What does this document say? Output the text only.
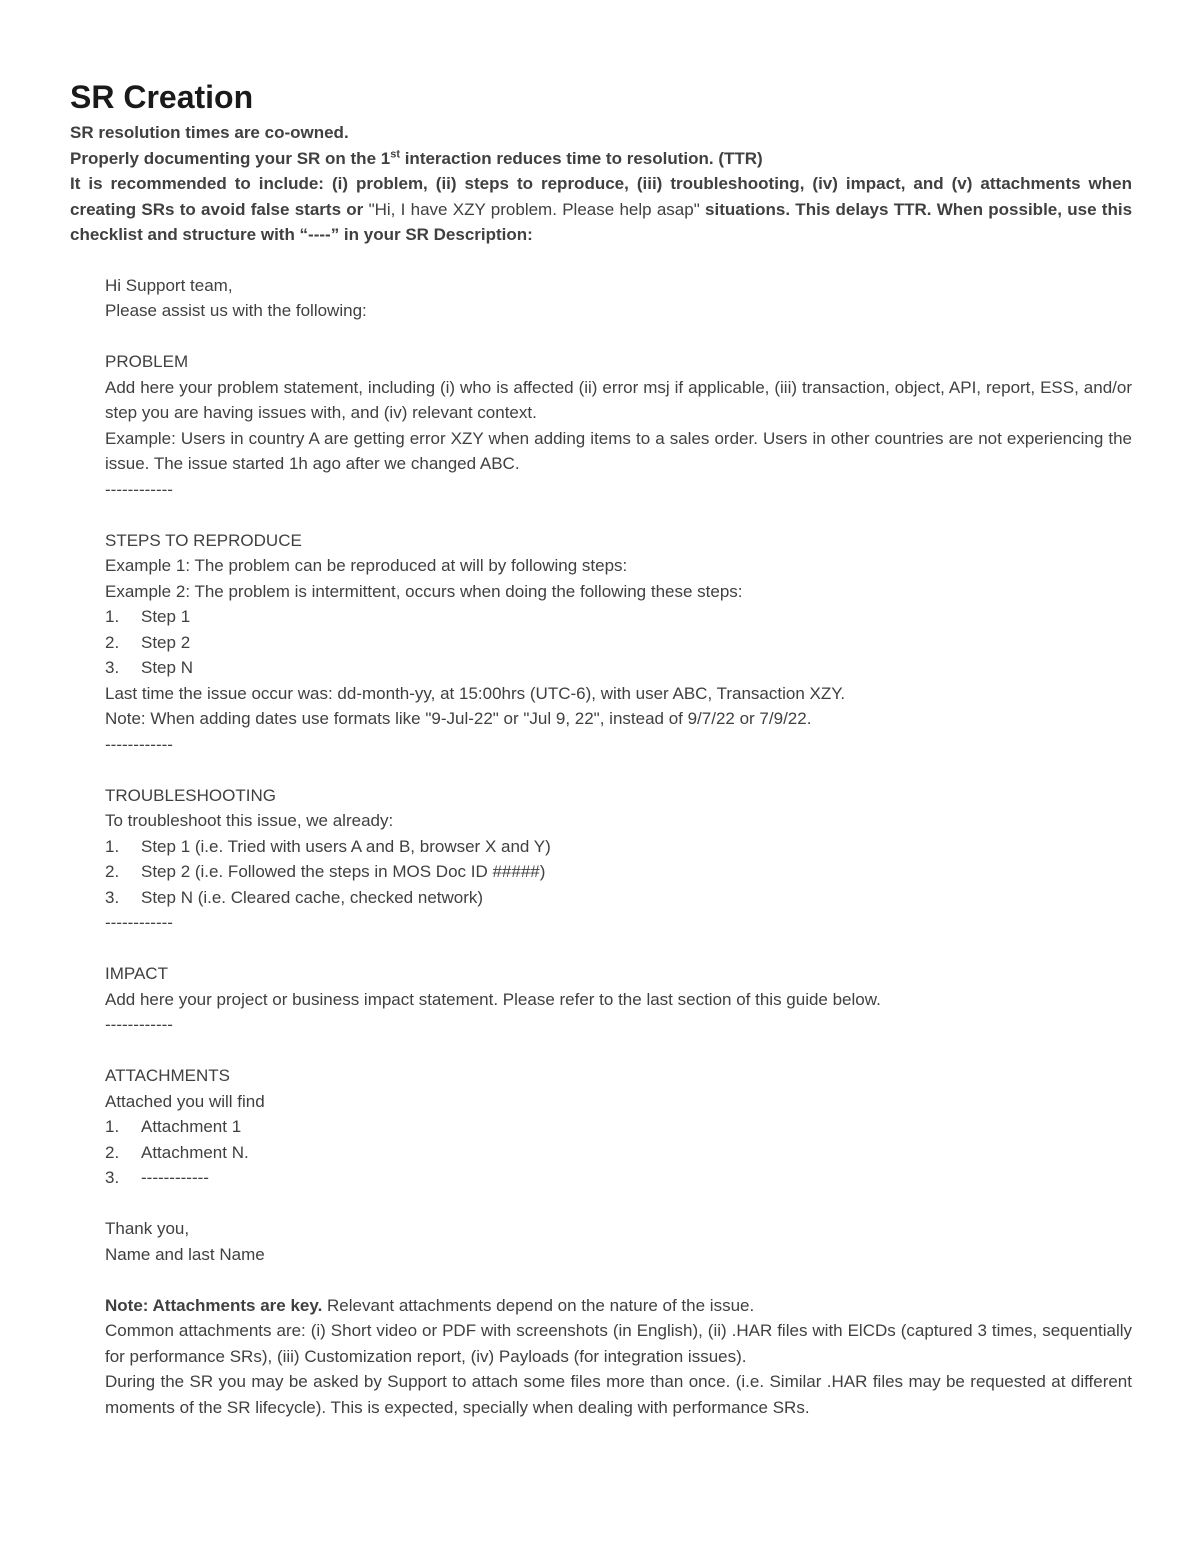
SR Creation

SR resolution times are co-owned.

Properly documenting your SR on the 1st interaction reduces time to resolution. (TTR)

It is recommended to include: (i) problem, (ii) steps to reproduce, (iii) troubleshooting, (iv) impact, and (v) attachments when creating SRs to avoid false starts or "Hi, I have XZY problem. Please help asap" situations. This delays TTR. When possible, use this checklist and structure with “----” in your SR Description:

Hi Support team,

Please assist us with the following:

PROBLEM

Add here your problem statement, including (i) who is affected (ii) error msj if applicable, (iii) transaction, object, API, report, ESS, and/or step you are having issues with, and (iv) relevant context.

Example: Users in country A are getting error XZY when adding items to a sales order. Users in other countries are not experiencing the issue. The issue started 1h ago after we changed ABC.

------------

STEPS TO REPRODUCE

Example 1: The problem can be reproduced at will by following steps:

Example 2: The problem is intermittent, occurs when doing the following these steps:

1.	Step 1
2.	Step 2
3.	Step N

Last time the issue occur was: dd-month-yy, at 15:00hrs (UTC-6), with user ABC, Transaction XZY.

Note: When adding dates use formats like "9-Jul-22" or "Jul 9, 22", instead of 9/7/22 or 7/9/22.

------------

TROUBLESHOOTING

To troubleshoot this issue, we already:

1.	Step 1 (i.e. Tried with users A and B, browser X and Y)
2.	Step 2 (i.e. Followed the steps in MOS Doc ID #####)
3.	Step N (i.e. Cleared cache, checked network)

------------

IMPACT

Add here your project or business impact statement. Please refer to the last section of this guide below.

------------

ATTACHMENTS

Attached you will find

1.	Attachment 1
2.	Attachment N.
3.	------------

Thank you,

Name and last Name

Note: Attachments are key. Relevant attachments depend on the nature of the issue.

Common attachments are: (i) Short video or PDF with screenshots (in English), (ii) .HAR files with ElCDs (captured 3 times, sequentially for performance SRs), (iii) Customization report, (iv) Payloads (for integration issues).

During the SR you may be asked by Support to attach some files more than once. (i.e. Similar .HAR files may be requested at different moments of the SR lifecycle). This is expected, specially when dealing with performance SRs.
